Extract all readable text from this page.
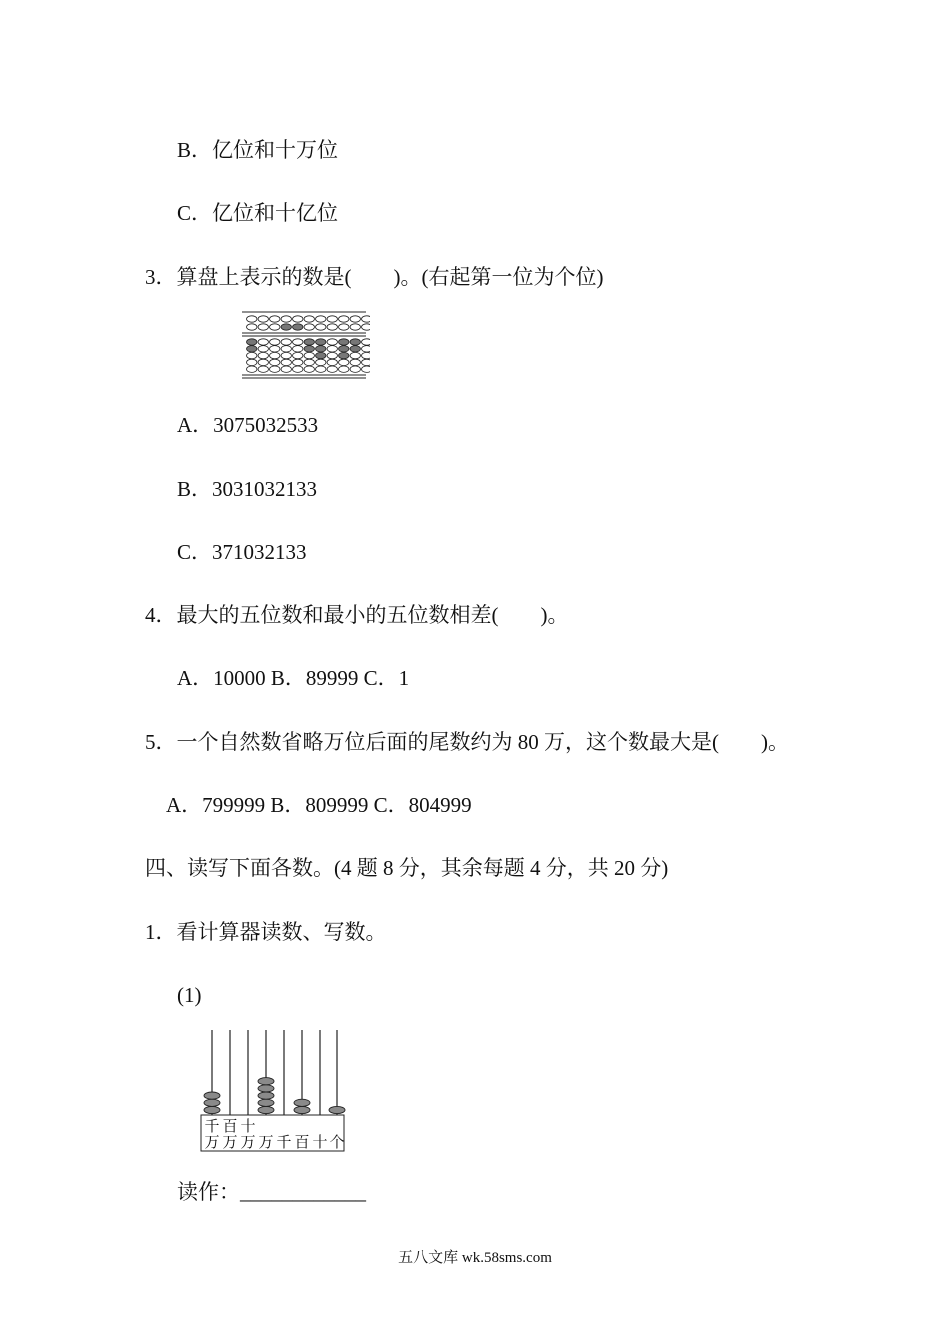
B．亿位和十万位
C．亿位和十亿位
3．算盘上表示的数是(　　)。(右起第一位为个位)
A．3075032533
B．3031032133
C．371032133
4．最大的五位数和最小的五位数相差(　　)。
A．10000 B．89999 C．1
5．一个自然数省略万位后面的尾数约为 80 万，这个数最大是(　　)。
A．799999 B．809999 C．804999
四、读写下面各数。(4 题 8 分，其余每题 4 分，共 20 分)
1．看计算器读数、写数。
(1)
千 百 十
万 万 万 万 千 百 十 个
读作：____________
五八文库 wk.58sms.com
